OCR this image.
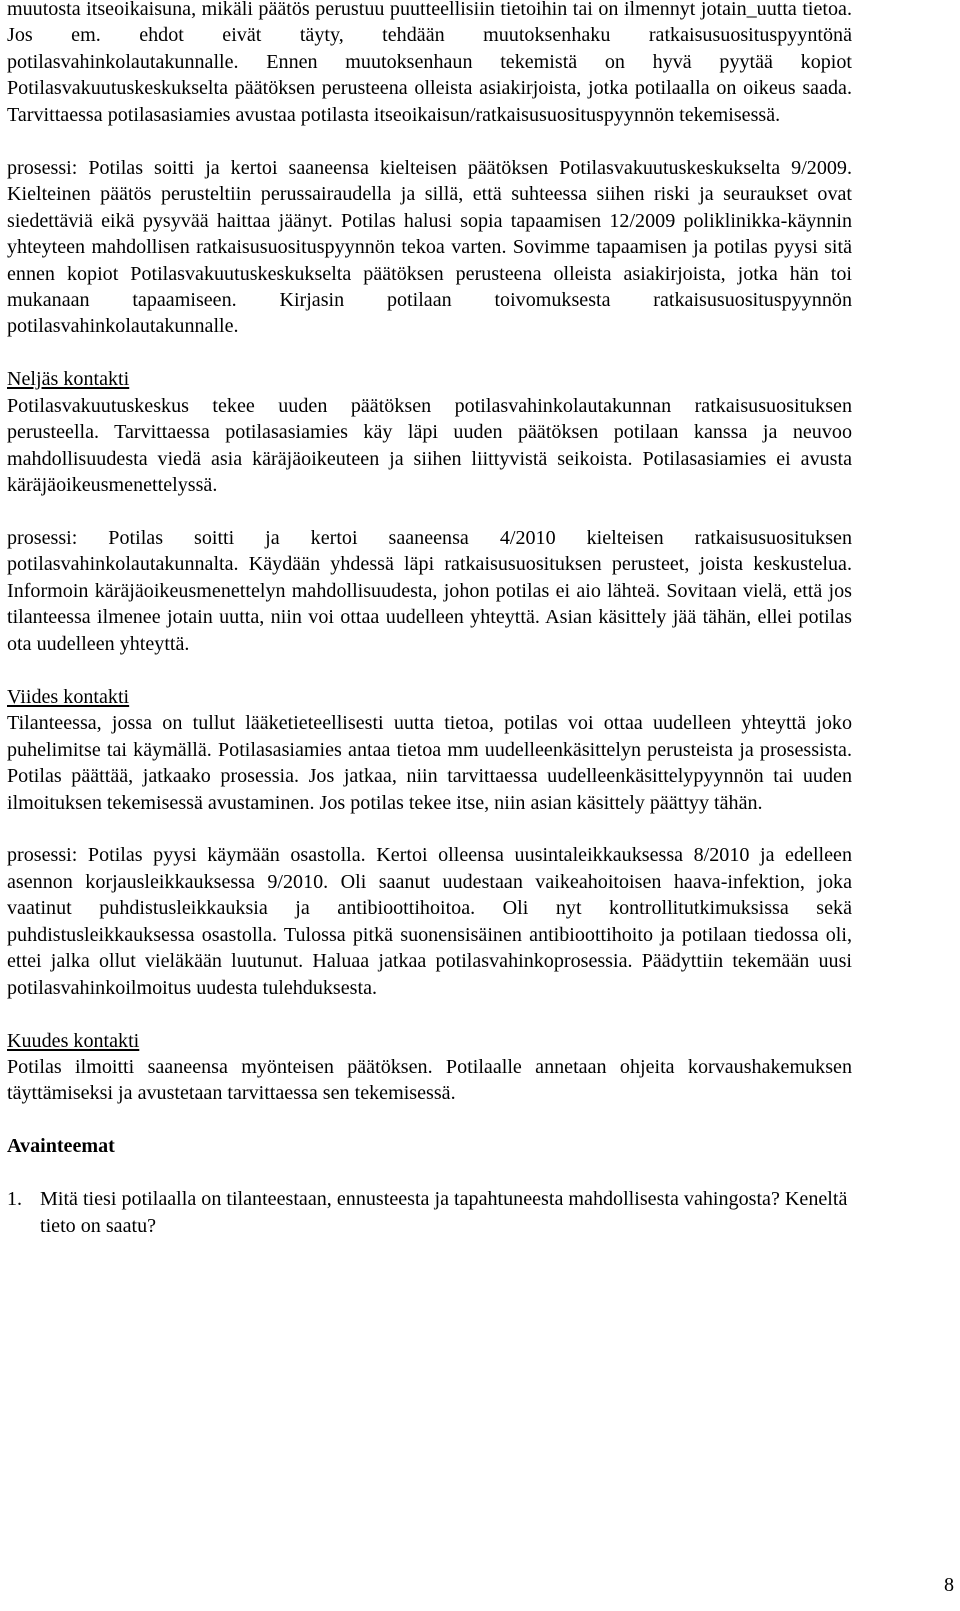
muutosta itseoikaisuna, mikäli päätös perustuu puutteellisiin tietoihin tai on ilmennyt jotain_uutta tietoa. Jos em. ehdot eivät täyty, tehdään muutoksenhaku ratkaisusuosituspyyntönä potilasvahinkolautakunnalle. Ennen muutoksenhaun tekemistä on hyvä pyytää kopiot Potilasvakuutuskeskukselta päätöksen perusteena olleista asiakirjoista, jotka potilaalla on oikeus saada. Tarvittaessa potilasasiamies avustaa potilasta itseoikaisun/ratkaisusuosituspyynnön tekemisessä.

prosessi: Potilas soitti ja kertoi saaneensa kielteisen päätöksen Potilasvakuutuskeskukselta 9/2009. Kielteinen päätös perusteltiin perussairaudella ja sillä, että suhteessa siihen riski ja seuraukset ovat siedettäviä eikä pysyvää haittaa jäänyt. Potilas halusi sopia tapaamisen 12/2009 poliklinikka-käynnin yhteyteen mahdollisen ratkaisusuosituspyynnön tekoa varten. Sovimme tapaamisen ja potilas pyysi sitä ennen kopiot Potilasvakuutuskeskukselta päätöksen perusteena olleista asiakirjoista, jotka hän toi mukanaan tapaamiseen. Kirjasin potilaan toivomuksesta ratkaisusuosituspyynnön potilasvahinkolautakunnalle.

Neljäs kontakti

Potilasvakuutuskeskus tekee uuden päätöksen potilasvahinkolautakunnan ratkaisusuosituksen perusteella. Tarvittaessa potilasasiamies käy läpi uuden päätöksen potilaan kanssa ja neuvoo mahdollisuudesta viedä asia käräjäoikeuteen ja siihen liittyvistä seikoista. Potilasasiamies ei avusta käräjäoikeusmenettelyssä.

prosessi: Potilas soitti ja kertoi saaneensa 4/2010 kielteisen ratkaisusuosituksen potilasvahinkolautakunnalta. Käydään yhdessä läpi ratkaisusuosituksen perusteet, joista keskustelua. Informoin käräjäoikeusmenettelyn mahdollisuudesta, johon potilas ei aio lähteä. Sovitaan vielä, että jos tilanteessa ilmenee jotain uutta, niin voi ottaa uudelleen yhteyttä. Asian käsittely jää tähän, ellei potilas ota uudelleen yhteyttä.

Viides kontakti

Tilanteessa, jossa on tullut lääketieteellisesti uutta tietoa, potilas voi ottaa uudelleen yhteyttä joko puhelimitse tai käymällä. Potilasasiamies antaa tietoa mm uudelleenkäsittelyn perusteista ja prosessista. Potilas päättää, jatkaako prosessia. Jos jatkaa, niin tarvittaessa uudelleenkäsittelypyynnön tai uuden ilmoituksen tekemisessä avustaminen. Jos potilas tekee itse, niin asian käsittely päättyy tähän.

prosessi: Potilas pyysi käymään osastolla. Kertoi olleensa uusintaleikkauksessa 8/2010 ja edelleen asennon korjausleikkauksessa 9/2010. Oli saanut uudestaan vaikeahoitoisen haava-infektion, joka vaatinut puhdistusleikkauksia ja antibioottihoitoa. Oli nyt kontrollitutkimuksissa sekä puhdistusleikkauksessa osastolla. Tulossa pitkä suonensisäinen antibioottihoito ja potilaan tiedossa oli, ettei jalka ollut vieläkään luutunut. Haluaa jatkaa potilasvahinkoprosessia. Päädyttiin tekemään uusi potilasvahinkoilmoitus uudesta tulehduksesta.

Kuudes kontakti

Potilas ilmoitti saaneensa myönteisen päätöksen. Potilaalle annetaan ohjeita korvaushakemuksen täyttämiseksi ja avustetaan tarvittaessa sen tekemisessä.

Avainteemat

1. Mitä tiesi potilaalla on tilanteestaan, ennusteesta ja tapahtuneesta mahdollisesta vahingosta? Keneltä tieto on saatu?
8
